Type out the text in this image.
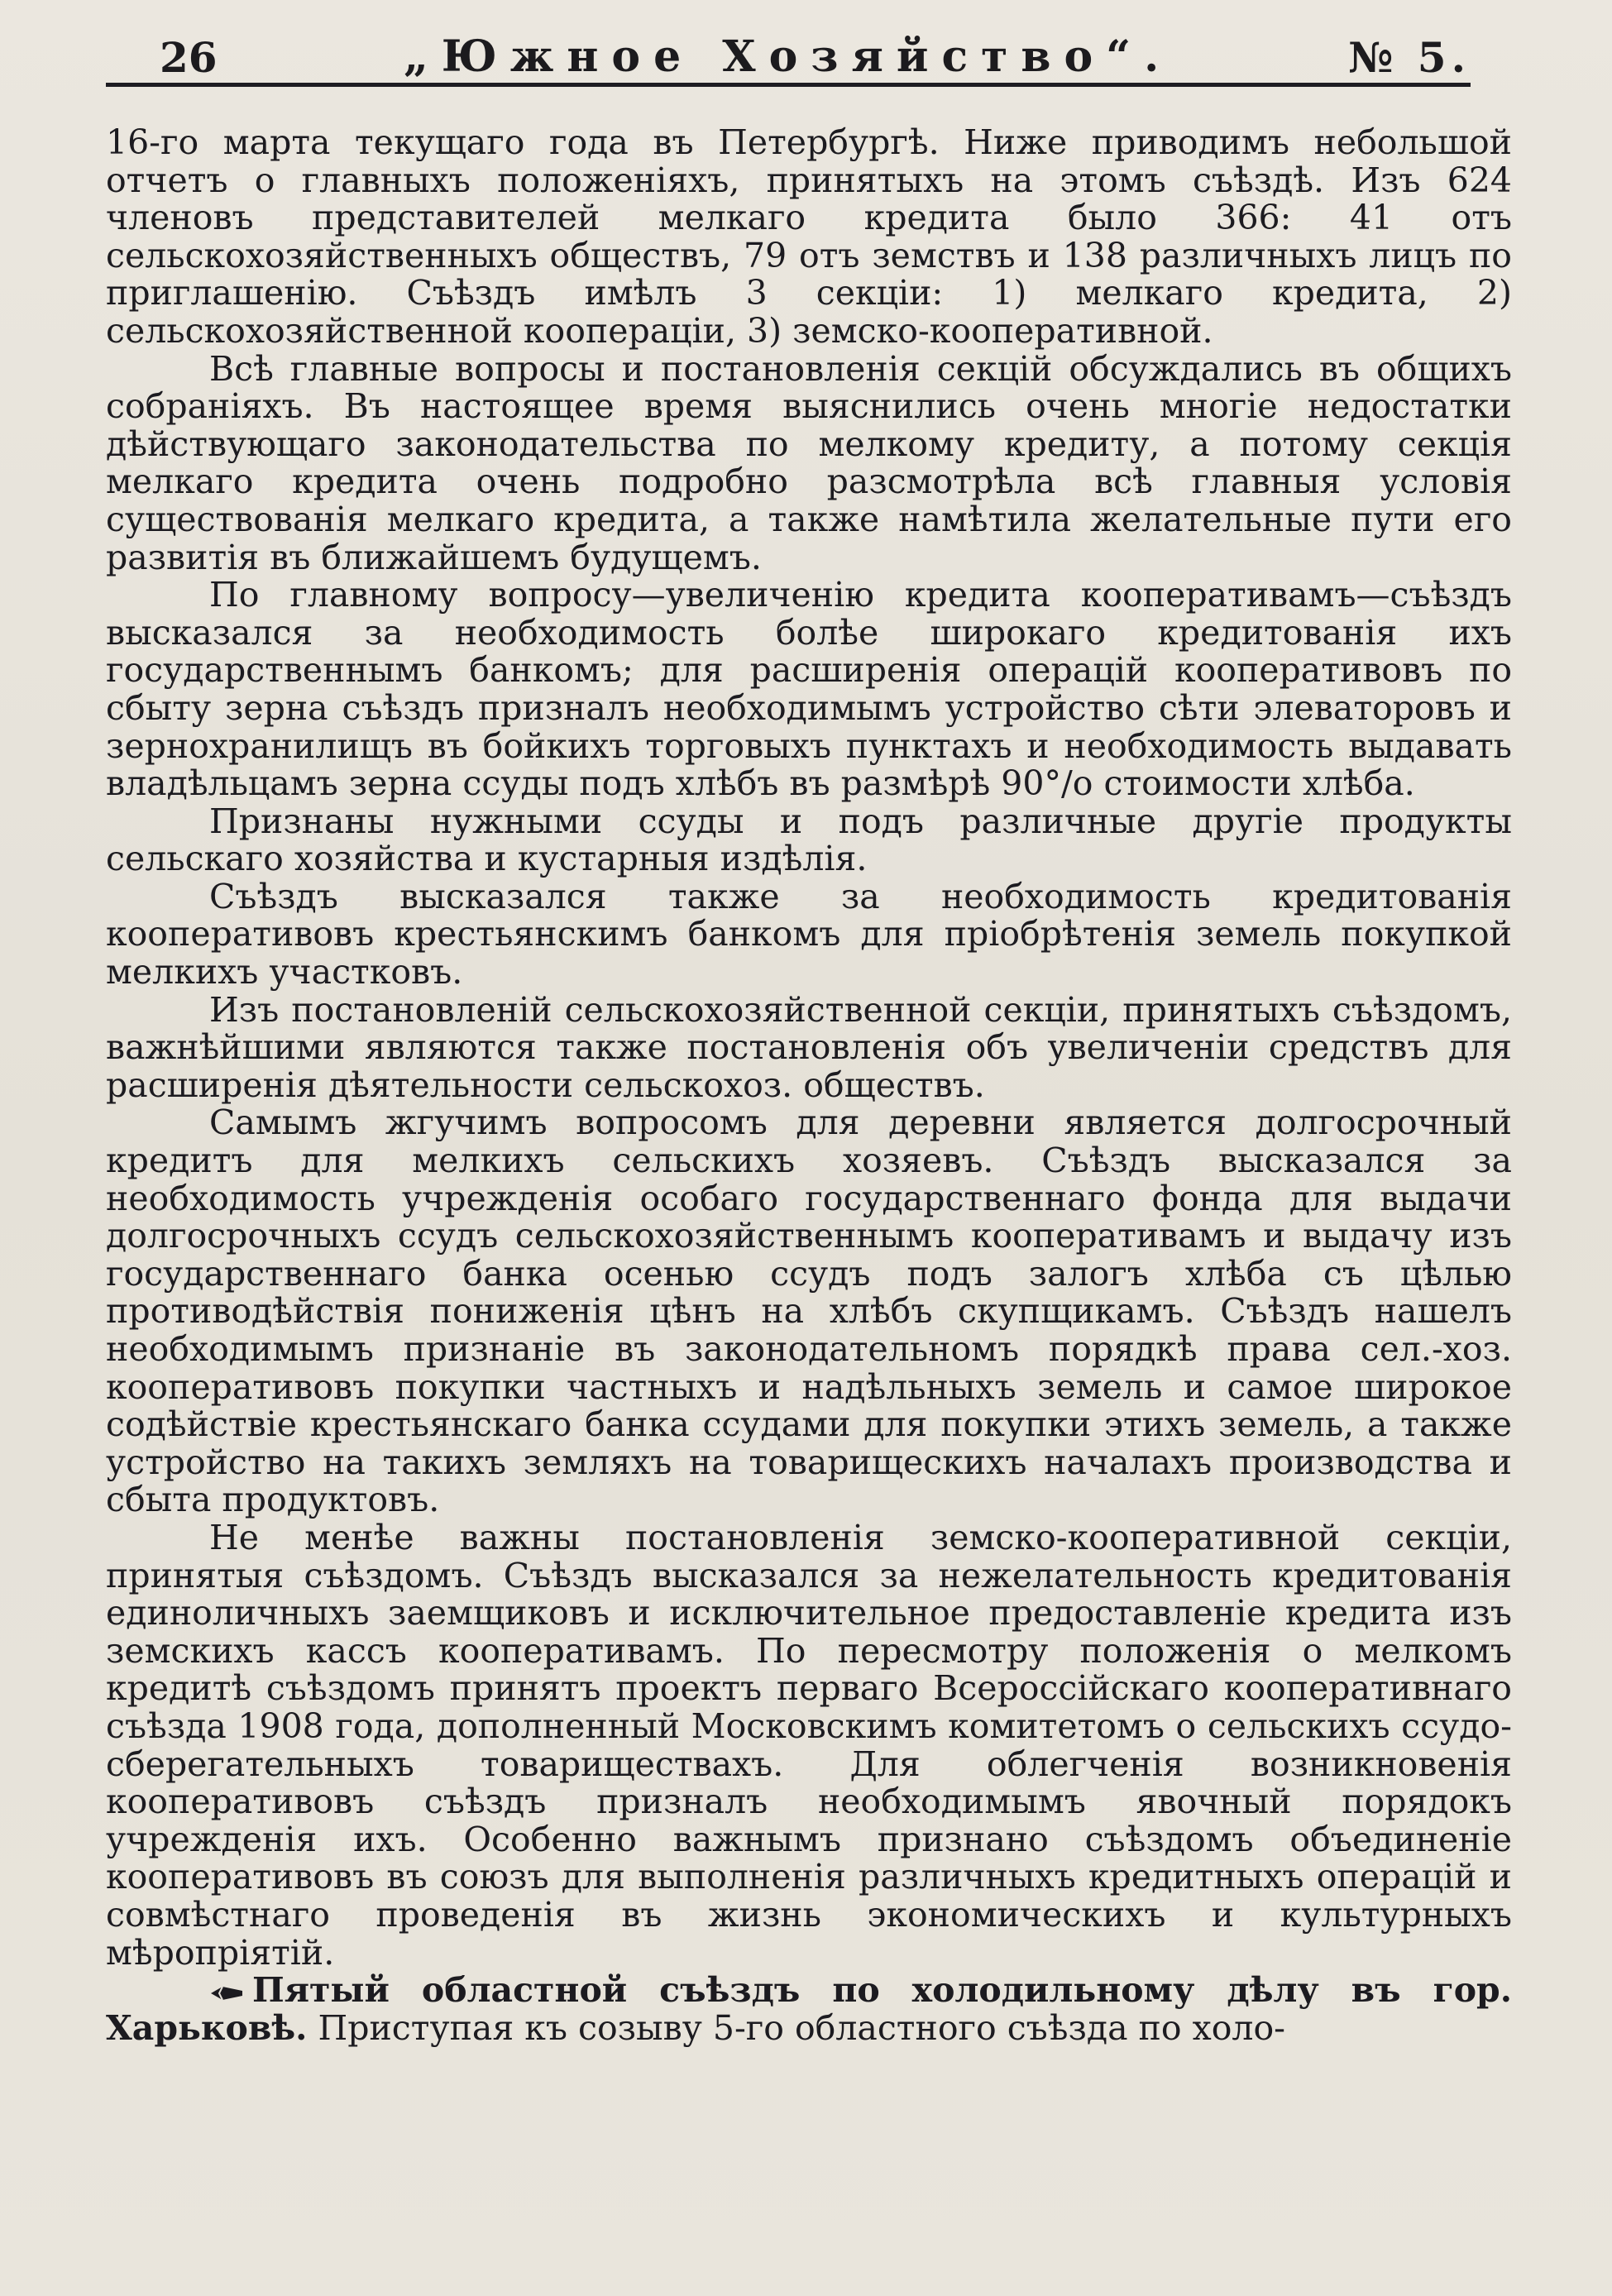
26	„Южное Хозяйство“.	№ 5.

16-го марта текущаго года въ Петербургѣ. Ниже приводимъ небольшой отчетъ о главныхъ положеніяхъ, принятыхъ на этомъ съѣздѣ. Изъ 624 членовъ представителей мелкаго кредита было 366: 41 отъ сельскохозяйственныхъ обществъ, 79 отъ земствъ и 138 различныхъ лицъ по приглашенію. Съѣздъ имѣлъ 3 секціи: 1) мелкаго кредита, 2) сельскохозяйственной коопераціи, 3) земско-кооперативной.

Всѣ главные вопросы и постановленія секцій обсуждались въ общихъ собраніяхъ. Въ настоящее время выяснились очень многіе недостатки дѣйствующаго законодательства по мелкому кредиту, а потому секція мелкаго кредита очень подробно разсмотрѣла всѣ главныя условія существованія мелкаго кредита, а также намѣтила желательные пути его развитія въ ближайшемъ будущемъ.

По главному вопросу—увеличенію кредита кооперативамъ—съѣздъ высказался за необходимость болѣе широкаго кредитованія ихъ государственнымъ банкомъ; для расширенія операцій кооперативовъ по сбыту зерна съѣздъ призналъ необходимымъ устройство сѣти элеваторовъ и зернохранилищъ въ бойкихъ торговыхъ пунктахъ и необходимость выдавать владѣльцамъ зерна ссуды подъ хлѣбъ въ размѣрѣ 90°/о стоимости хлѣба.

Признаны нужными ссуды и подъ различные другіе продукты сельскаго хозяйства и кустарныя издѣлія.

Съѣздъ высказался также за необходимость кредитованія кооперативовъ крестьянскимъ банкомъ для пріобрѣтенія земель покупкой мелкихъ участковъ.

Изъ постановленій сельскохозяйственной секціи, принятыхъ съѣздомъ, важнѣйшими являются также постановленія объ увеличеніи средствъ для расширенія дѣятельности сельскохоз. обществъ.

Самымъ жгучимъ вопросомъ для деревни является долгосрочный кредитъ для мелкихъ сельскихъ хозяевъ. Съѣздъ высказался за необходимость учрежденія особаго государственнаго фонда для выдачи долгосрочныхъ ссудъ сельскохозяйственнымъ кооперативамъ и выдачу изъ государственнаго банка осенью ссудъ подъ залогъ хлѣба съ цѣлью противодѣйствія пониженія цѣнъ на хлѣбъ скупщикамъ. Съѣздъ нашелъ необходимымъ признаніе въ законодательномъ порядкѣ права сел.-хоз. кооперативовъ покупки частныхъ и надѣльныхъ земель и самое широкое содѣйствіе крестьянскаго банка ссудами для покупки этихъ земель, а также устройство на такихъ земляхъ на товарищескихъ началахъ производства и сбыта продуктовъ.

Не менѣе важны постановленія земско-кооперативной секціи, принятыя съѣздомъ. Съѣздъ высказался за нежелательность кредитованія единоличныхъ заемщиковъ и исключительное предоставленіе кредита изъ земскихъ кассъ кооперативамъ. По пересмотру положенія о мелкомъ кредитѣ съѣздомъ принятъ проектъ перваго Всероссійскаго кооперативнаго съѣзда 1908 года, дополненный Московскимъ комитетомъ о сельскихъ ссудо-сберегательныхъ товариществахъ. Для облегченія возникновенія кооперативовъ съѣздъ призналъ необходимымъ явочный порядокъ учрежденія ихъ. Особенно важнымъ признано съѣздомъ объединеніе кооперативовъ въ союзъ для выполненія различныхъ кредитныхъ операцій и совмѣстнаго проведенія въ жизнь экономическихъ и культурныхъ мѣропріятій.

Пятый областной съѣздъ по холодильному дѣлу въ гор. Харьковѣ. Приступая къ созыву 5-го областного съѣзда по холо-
